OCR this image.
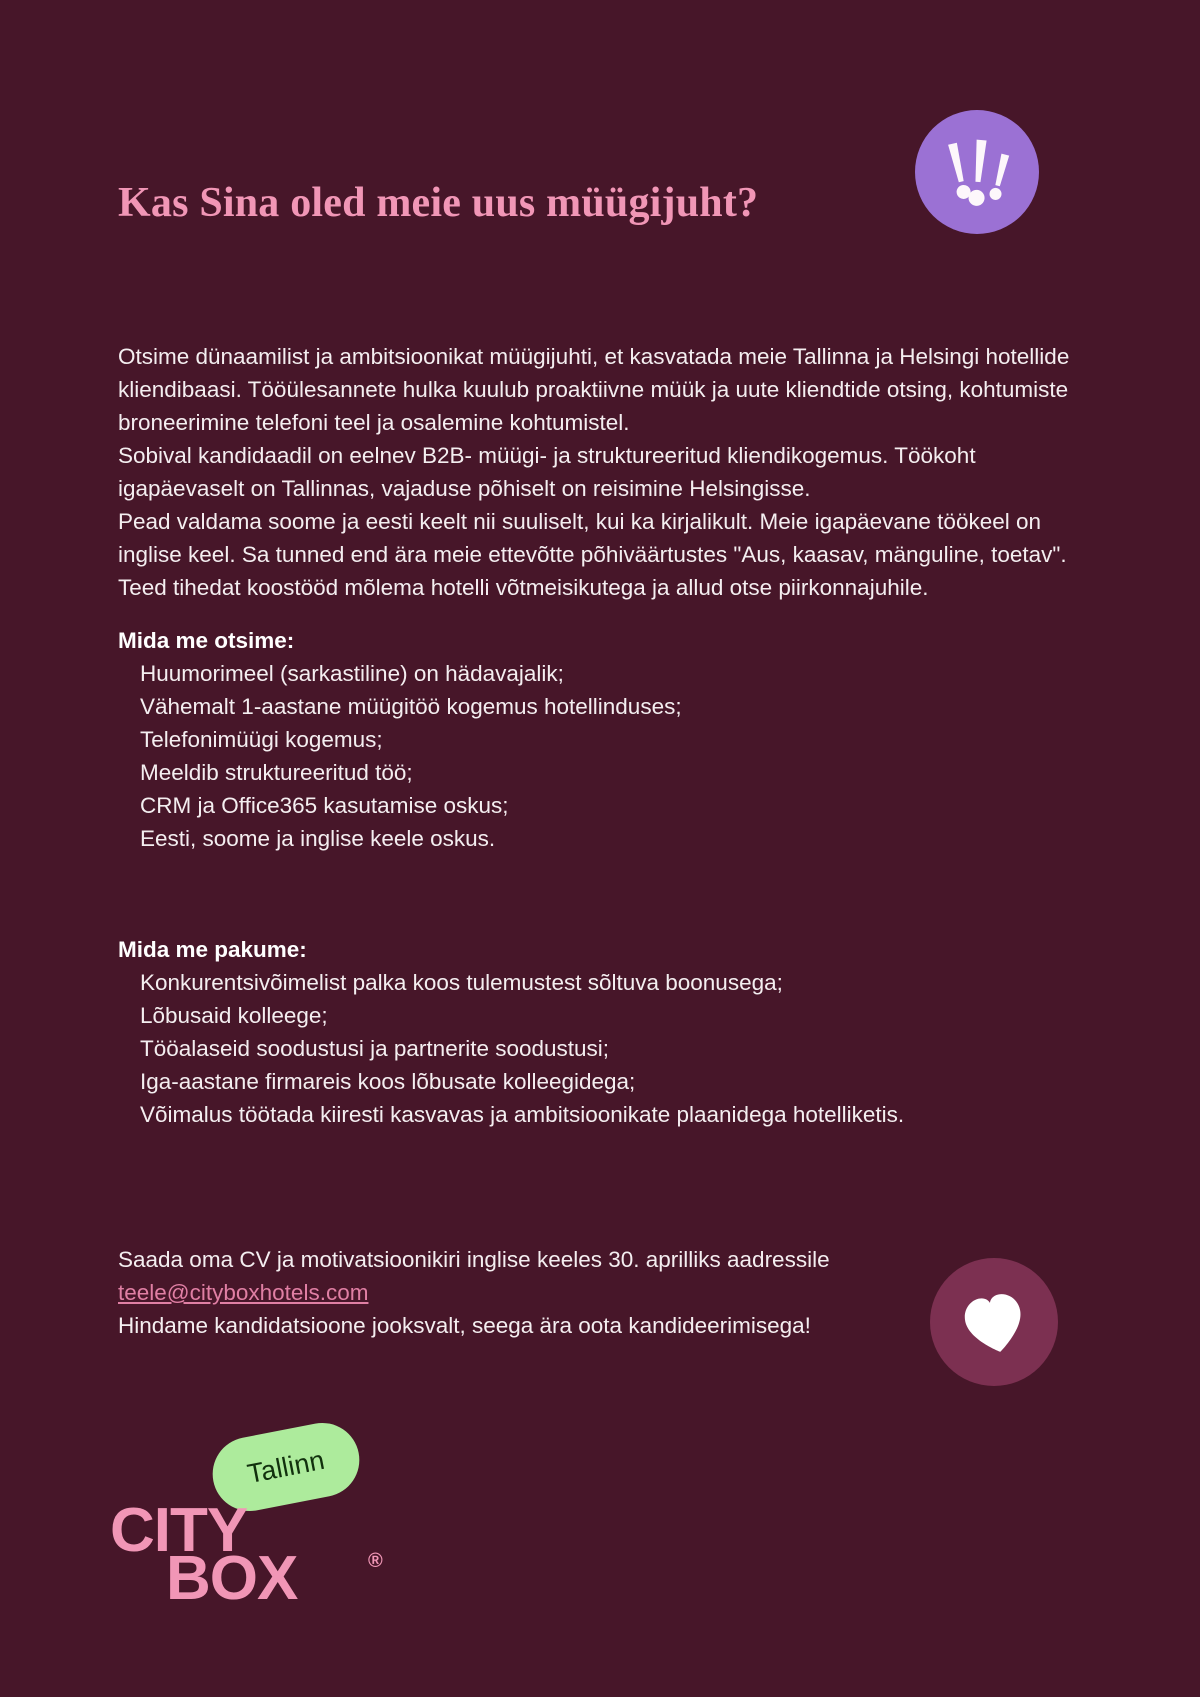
Kas Sina oled meie uus müügijuht?

Otsime dünaamilist ja ambitsioonikat müügijuhti, et kasvatada meie Tallinna ja Helsingi hotellide kliendibaasi. Tööülesannete hulka kuulub proaktiivne müük ja uute kliendtide otsing, kohtumiste broneerimine telefoni teel ja osalemine kohtumistel.

Sobival kandidaadil on eelnev B2B- müügi- ja struktureeritud kliendikogemus. Töökoht igapäevaselt on Tallinnas, vajaduse põhiselt on reisimine Helsingisse.

Pead valdama soome ja eesti keelt nii suuliselt, kui ka kirjalikult. Meie igapäevane töökeel on inglise keel. Sa tunned end ära meie ettevõtte põhiväärtustes "Aus, kaasav, mänguline, toetav". Teed tihedat koostööd mõlema hotelli võtmeisikutega ja allud otse piirkonnajuhile.

Mida me otsime:
Huumorimeel (sarkastiline) on hädavajalik;
Vähemalt 1-aastane müügitöö kogemus hotellinduses;
Telefonimüügi kogemus;
Meeldib struktureeritud töö;
CRM ja Office365 kasutamise oskus;
Eesti, soome ja inglise keele oskus.
Mida me pakume:
Konkurentsivõimelist palka koos tulemustest sõltuva boonusega;
Lõbusaid kolleege;
Tööalaseid soodustusi ja partnerite soodustusi;
Iga-aastane firmareis koos lõbusate kolleegidega;
Võimalus töötada kiiresti kasvavas ja ambitsioonikate plaanidega hotelliketis.
Saada oma CV ja motivatsioonikiri inglise keeles 30. aprilliks aadressile
teele@cityboxhotels.com
Hindame kandidatsioone jooksvalt, seega ära oota kandideerimisega!
Tallinn
CITY
BOX	®
